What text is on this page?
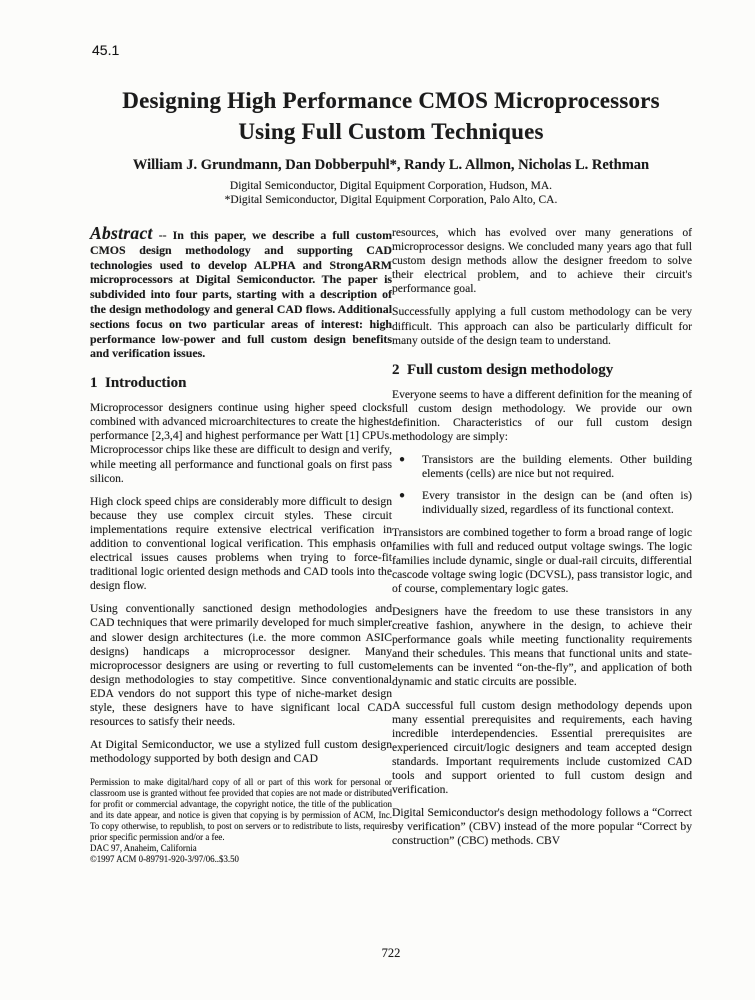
45.1
Designing High Performance CMOS Microprocessors
Using Full Custom Techniques
William J. Grundmann, Dan Dobberpuhl*, Randy L. Allmon, Nicholas L. Rethman
Digital Semiconductor, Digital Equipment Corporation, Hudson, MA.
*Digital Semiconductor, Digital Equipment Corporation, Palo Alto, CA.

Abstract -- In this paper, we describe a full custom CMOS design methodology and supporting CAD technologies used to develop ALPHA and StrongARM microprocessors at Digital Semiconductor. The paper is subdivided into four parts, starting with a description of the design methodology and general CAD flows. Additional sections focus on two particular areas of interest: high performance low-power and full custom design benefits and verification issues.

1  Introduction

Microprocessor designers continue using higher speed clocks combined with advanced microarchitectures to create the highest performance [2,3,4] and highest performance per Watt [1] CPUs. Microprocessor chips like these are difficult to design and verify, while meeting all performance and functional goals on first pass silicon.

High clock speed chips are considerably more difficult to design because they use complex circuit styles. These circuit implementations require extensive electrical verification in addition to conventional logical verification. This emphasis on electrical issues causes problems when trying to force-fit traditional logic oriented design methods and CAD tools into the design flow.

Using conventionally sanctioned design methodologies and CAD techniques that were primarily developed for much simpler and slower design architectures (i.e. the more common ASIC designs) handicaps a microprocessor designer. Many microprocessor designers are using or reverting to full custom design methodologies to stay competitive. Since conventional EDA vendors do not support this type of niche-market design style, these designers have to have significant local CAD resources to satisfy their needs.

At Digital Semiconductor, we use a stylized full custom design methodology supported by both design and CAD

Permission to make digital/hard copy of all or part of this work for personal or classroom use is granted without fee provided that copies are not made or distributed for profit or commercial advantage, the copyright notice, the title of the publication and its date appear, and notice is given that copying is by permission of ACM, Inc. To copy otherwise, to republish, to post on servers or to redistribute to lists, requires prior specific permission and/or a fee.

DAC 97, Anaheim, California
©1997 ACM 0-89791-920-3/97/06..$3.50

resources, which has evolved over many generations of microprocessor designs. We concluded many years ago that full custom design methods allow the designer freedom to solve their electrical problem, and to achieve their circuit's performance goal.

Successfully applying a full custom methodology can be very difficult. This approach can also be particularly difficult for many outside of the design team to understand.

2  Full custom design methodology

Everyone seems to have a different definition for the meaning of full custom design methodology. We provide our own definition. Characteristics of our full custom design methodology are simply:

●	Transistors are the building elements. Other building elements (cells) are nice but not required.
●	Every transistor in the design can be (and often is) individually sized, regardless of its functional context.

Transistors are combined together to form a broad range of logic families with full and reduced output voltage swings. The logic families include dynamic, single or dual-rail circuits, differential cascode voltage swing logic (DCVSL), pass transistor logic, and of course, complementary logic gates.

Designers have the freedom to use these transistors in any creative fashion, anywhere in the design, to achieve their performance goals while meeting functionality requirements and their schedules. This means that functional units and state-elements can be invented “on-the-fly”, and application of both dynamic and static circuits are possible.

A successful full custom design methodology depends upon many essential prerequisites and requirements, each having incredible interdependencies. Essential prerequisites are experienced circuit/logic designers and team accepted design standards. Important requirements include customized CAD tools and support oriented to full custom design and verification.

Digital Semiconductor's design methodology follows a “Correct by verification” (CBV) instead of the more popular “Correct by construction” (CBC) methods. CBV

722
